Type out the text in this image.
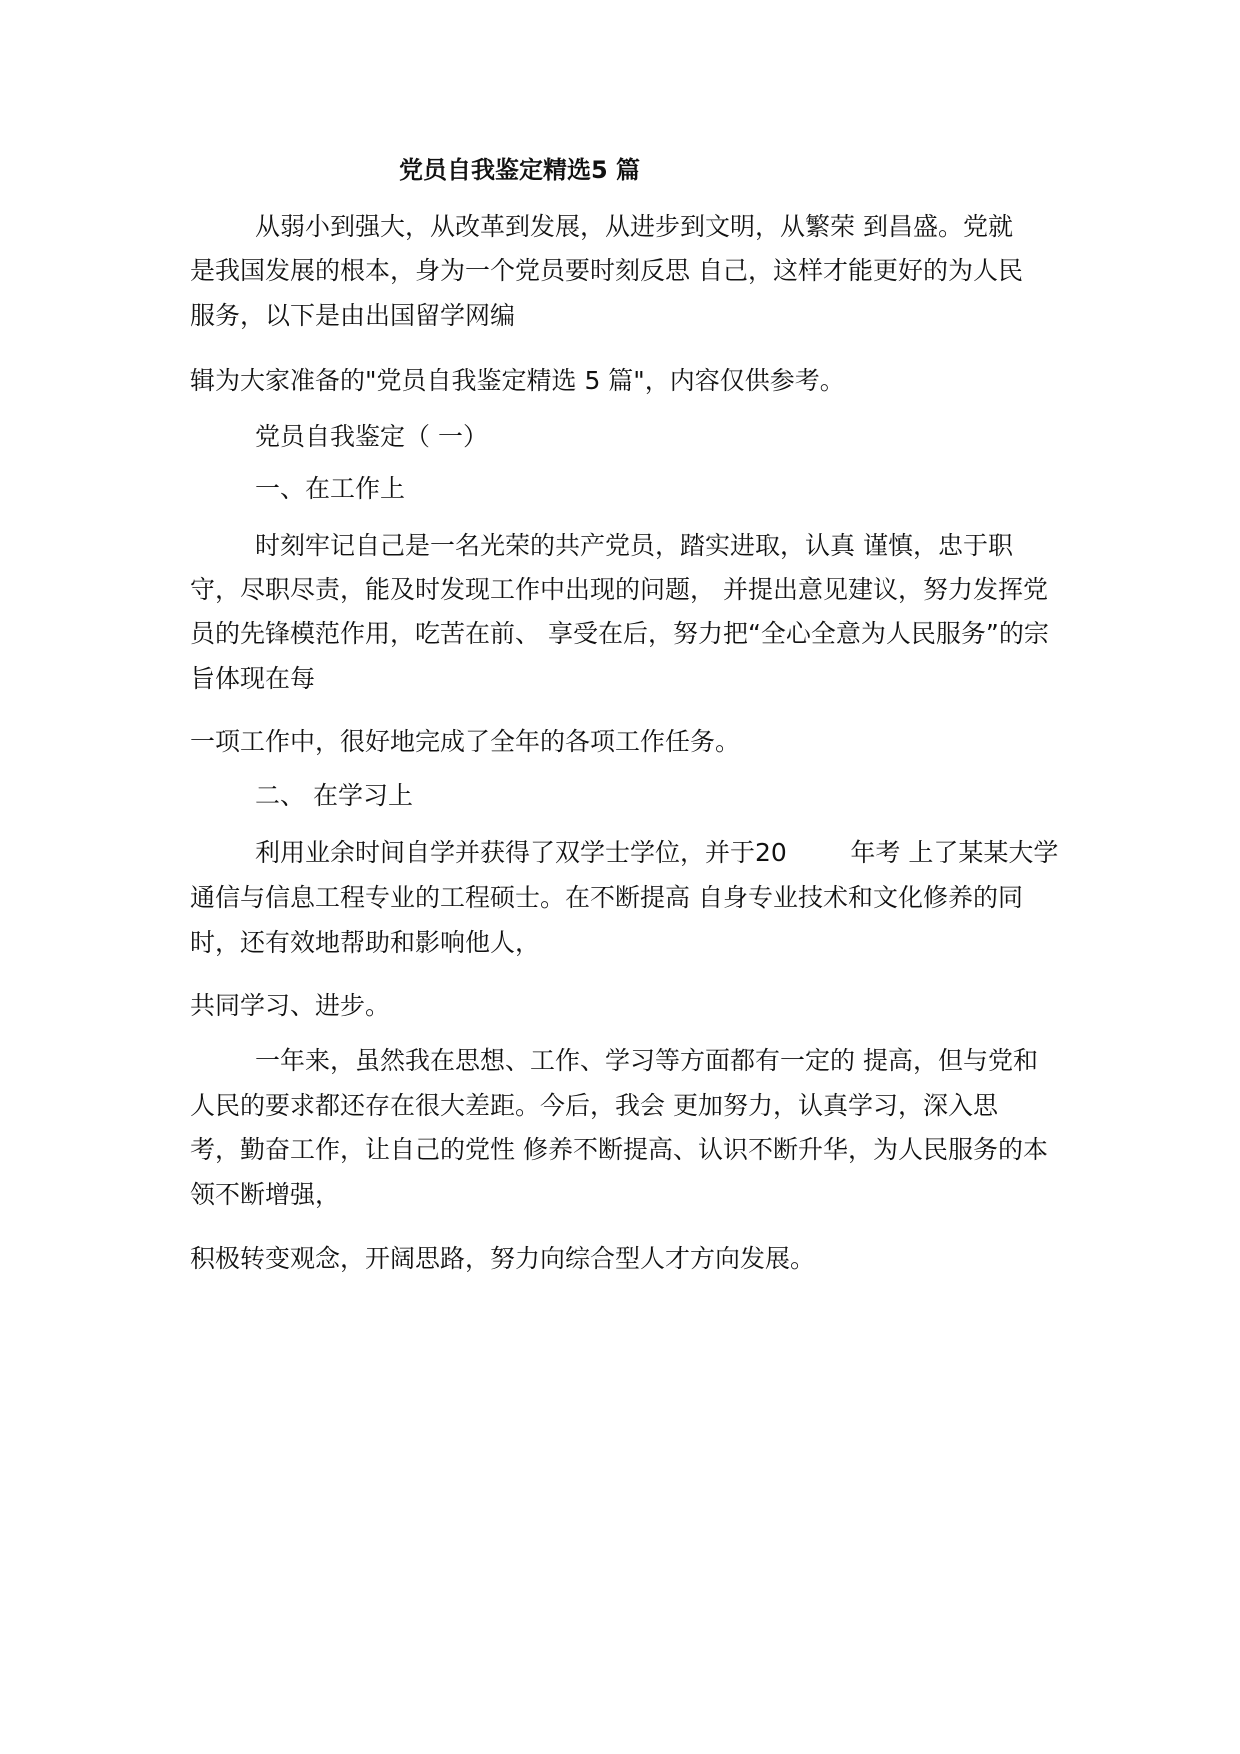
党员自我鉴定精选5 篇
从弱小到强大，从改革到发展，从进步到文明，从繁荣 到昌盛。党就
是我国发展的根本，身为一个党员要时刻反思 自己，这样才能更好的为人民
服务，以下是由出国留学网编
辑为大家准备的"党员自我鉴定精选 5 篇"，内容仅供参考。
党员自我鉴定（ 一）
一、在工作上
时刻牢记自己是一名光荣的共产党员，踏实进取，认真 谨慎，忠于职
守，尽职尽责，能及时发现工作中出现的问题， 并提出意见建议，努力发挥党
员的先锋模范作用，吃苦在前、 享受在后，努力把“全心全意为人民服务”的宗
旨体现在每
一项工作中，很好地完成了全年的各项工作任务。
二、 在学习上
利用业余时间自学并获得了双学士学位，并于20        年考 上了某某大学
通信与信息工程专业的工程硕士。在不断提高 自身专业技术和文化修养的同
时，还有效地帮助和影响他人，
共同学习、进步。
一年来，虽然我在思想、工作、学习等方面都有一定的 提高，但与党和
人民的要求都还存在很大差距。今后，我会 更加努力，认真学习，深入思
考，勤奋工作，让自己的党性 修养不断提高、认识不断升华，为人民服务的本
领不断增强，
积极转变观念，开阔思路，努力向综合型人才方向发展。
